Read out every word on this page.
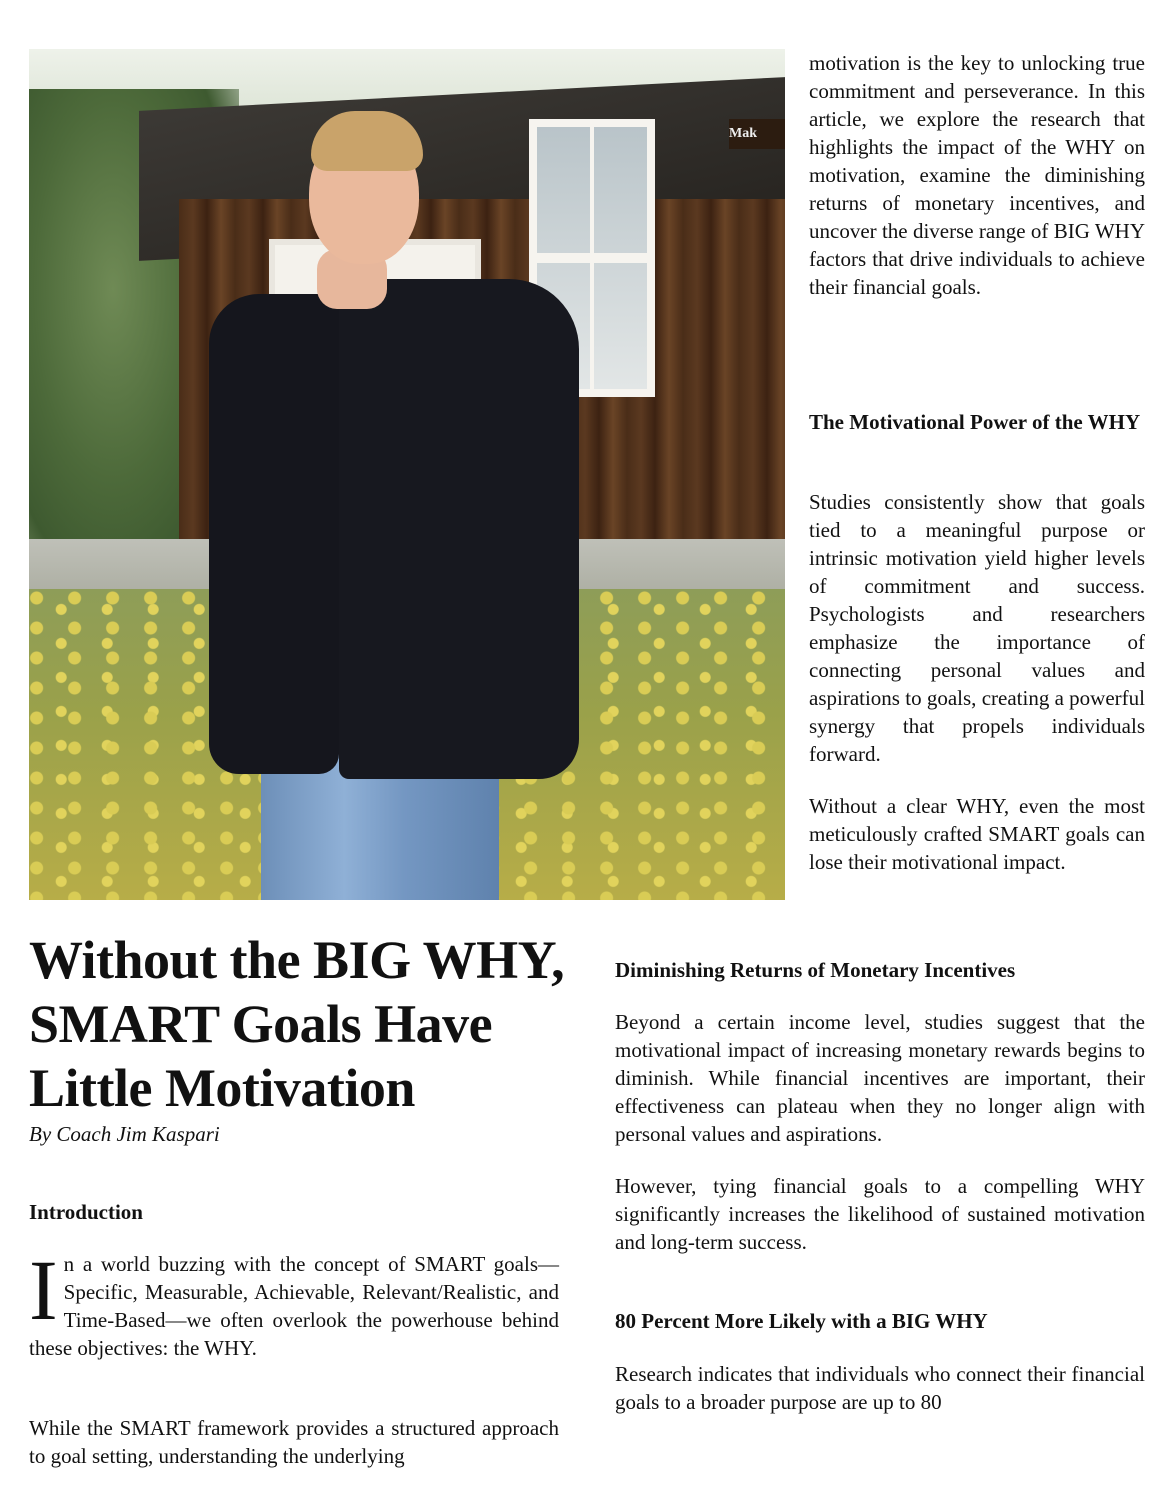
Mak

motivation is the key to unlocking true commitment and perseverance. In this article, we explore the research that highlights the impact of the WHY on motivation, examine the diminishing returns of monetary incentives, and uncover the diverse range of BIG WHY factors that drive individuals to achieve their financial goals.

The Motivational Power of the WHY

Studies consistently show that goals tied to a meaningful purpose or intrinsic motivation yield higher levels of commitment and success. Psychologists and researchers emphasize the importance of connecting personal values and aspirations to goals, creating a powerful synergy that propels individuals forward.

Without a clear WHY, even the most meticulously crafted SMART goals can lose their motivational impact.

Without the BIG WHY, SMART Goals Have Little Motivation
By Coach Jim Kaspari

Introduction

In a world buzzing with the concept of SMART goals—Specific, Measurable, Achievable, Relevant/Realistic, and Time-Based—we often overlook the powerhouse behind these objectives: the WHY.

While the SMART framework provides a structured approach to goal setting, understanding the underlying

Diminishing Returns of Monetary Incentives

Beyond a certain income level, studies suggest that the motivational impact of increasing monetary rewards begins to diminish. While financial incentives are important, their effectiveness can plateau when they no longer align with personal values and aspirations.

However, tying financial goals to a compelling WHY significantly increases the likelihood of sustained motivation and long-term success.

80 Percent More Likely with a BIG WHY

Research indicates that individuals who connect their financial goals to a broader purpose are up to 80
